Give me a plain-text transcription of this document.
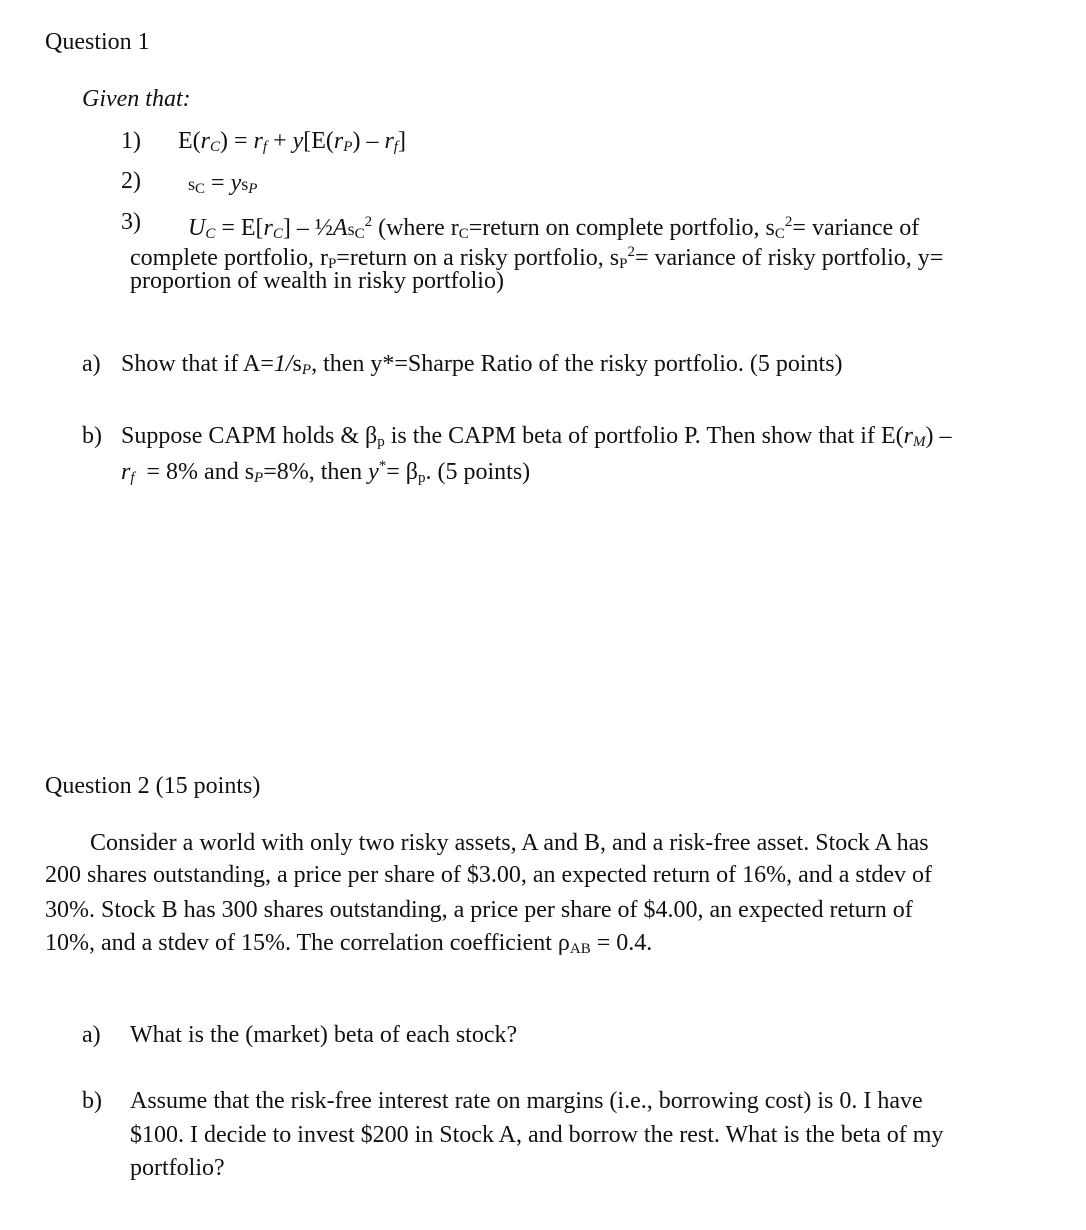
Question 1
Given that:
1) $E(r_C) = r_f + y[E(r_P) - r_f]$
2)	$s_C = ys_P$
3) $U_C = E[r_C]$ – $\frac{1}{2}As_C^2$ (where $r_C=return$ on complete portfolio, $s_C^2=$ variance of
complete portfolio, $r_P=return$ on a risky portfolio, $s_P^2=$ variance of risky portfolio, y=
proportion of wealth in risky portfolio)
a) Show that if $A=1/s_P$, then y*=Sharpe Ratio of the risky portfolio. (5 points)
b) Suppose CAPM holds & $\beta_p$ is the CAPM beta of portfolio P. Then show that if $E(r_M)$ –
$r_f = 8\%$ and $s_P=8\%$, then $y^*= \beta_p$. (5 points)
Question 2 (15 points)
Consider a world with only two risky assets, A and B, and a risk-free asset. Stock A has
200 shares outstanding, a price per share of $3.00, an expected return of 16%, and a stdev of
30%. Stock B has 300 shares outstanding, a price per share of $4.00, an expected return of
10%, and a stdev of 15%. The correlation coefficient $\rho_{AB} = 0.4$.
a) What is the (market) beta of each stock?
b) Assume that the risk-free interest rate on margins (i.e., borrowing cost) is 0. I have
$100. I decide to invest $200 in Stock A, and borrow the rest. What is the beta of my
portfolio?
